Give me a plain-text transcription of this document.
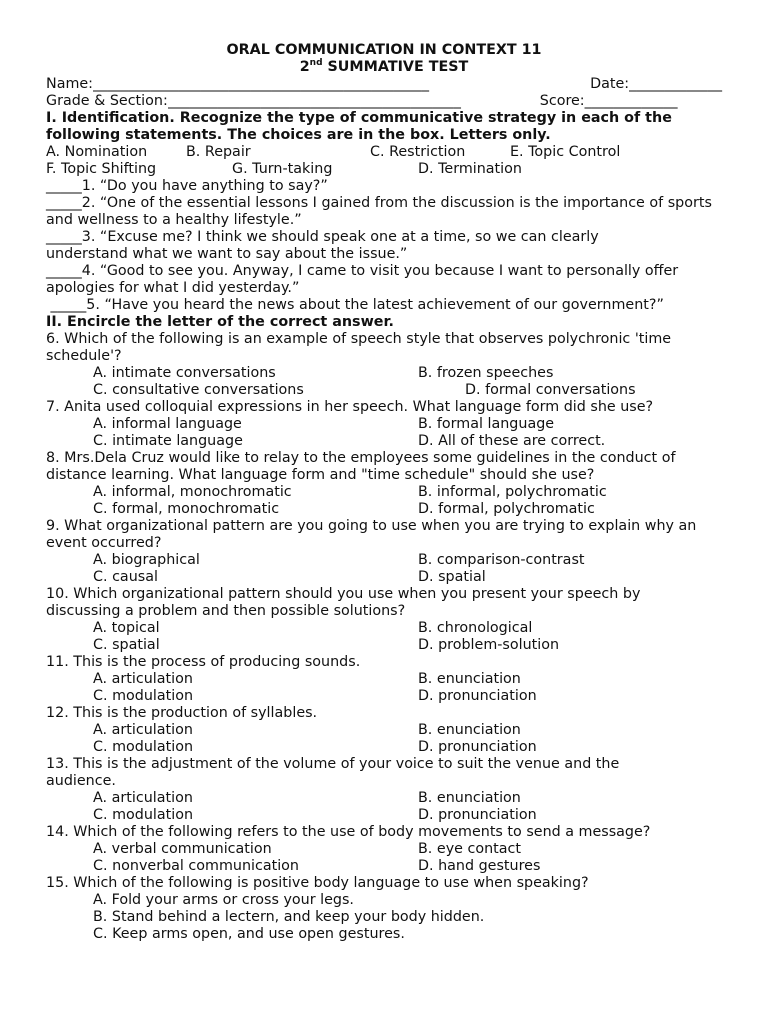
ORAL COMMUNICATION IN CONTEXT 11
2nd SUMMATIVE TEST
Name: _______________________________________________	Date: _____________
Grade & Section: _________________________________________	Score: _____________
I. Identification. Recognize the type of communicative strategy in each of the
following statements. The choices are in the box. Letters only.
A. Nomination	B. Repair	C. Restriction	E. Topic Control
F. Topic Shifting	G. Turn-taking	D. Termination
_____1. “Do you have anything to say?”
_____2. “One of the essential lessons I gained from the discussion is the importance of sports and wellness to a healthy lifestyle.”
_____3. “Excuse me? I think we should speak one at a time, so we can clearly understand what we want to say about the issue.”
_____4. “Good to see you. Anyway, I came to visit you because I want to personally offer apologies for what I did yesterday.”
_____5. “Have you heard the news about the latest achievement of our government?”
II. Encircle the letter of the correct answer.
6. Which of the following is an example of speech style that observes polychronic 'time schedule'?
A. intimate conversations	B. frozen speeches
C. consultative conversations	D. formal conversations
7. Anita used colloquial expressions in her speech. What language form did she use?
A. informal language	B. formal language
C. intimate language	D. All of these are correct.
8. Mrs.Dela Cruz would like to relay to the employees some guidelines in the conduct of distance learning. What language form and "time schedule" should she use?
A. informal, monochromatic	B. informal, polychromatic
C. formal, monochromatic	D. formal, polychromatic
9. What organizational pattern are you going to use when you are trying to explain why an event occurred?
A. biographical	B. comparison-contrast
C. causal	D. spatial
10. Which organizational pattern should you use when you present your speech by discussing a problem and then possible solutions?
A. topical	B. chronological
C. spatial	D. problem-solution
11. This is the process of producing sounds.
A. articulation	B. enunciation
C. modulation	D. pronunciation
12. This is the production of syllables.
A. articulation	B. enunciation
C. modulation	D. pronunciation
13. This is the adjustment of the volume of your voice to suit the venue and the audience.
A. articulation	B. enunciation
C. modulation	D. pronunciation
14. Which of the following refers to the use of body movements to send a message?
A. verbal communication	B. eye contact
C. nonverbal communication	D. hand gestures
15. Which of the following is positive body language to use when speaking?
A. Fold your arms or cross your legs.
B. Stand behind a lectern, and keep your body hidden.
C. Keep arms open, and use open gestures.
